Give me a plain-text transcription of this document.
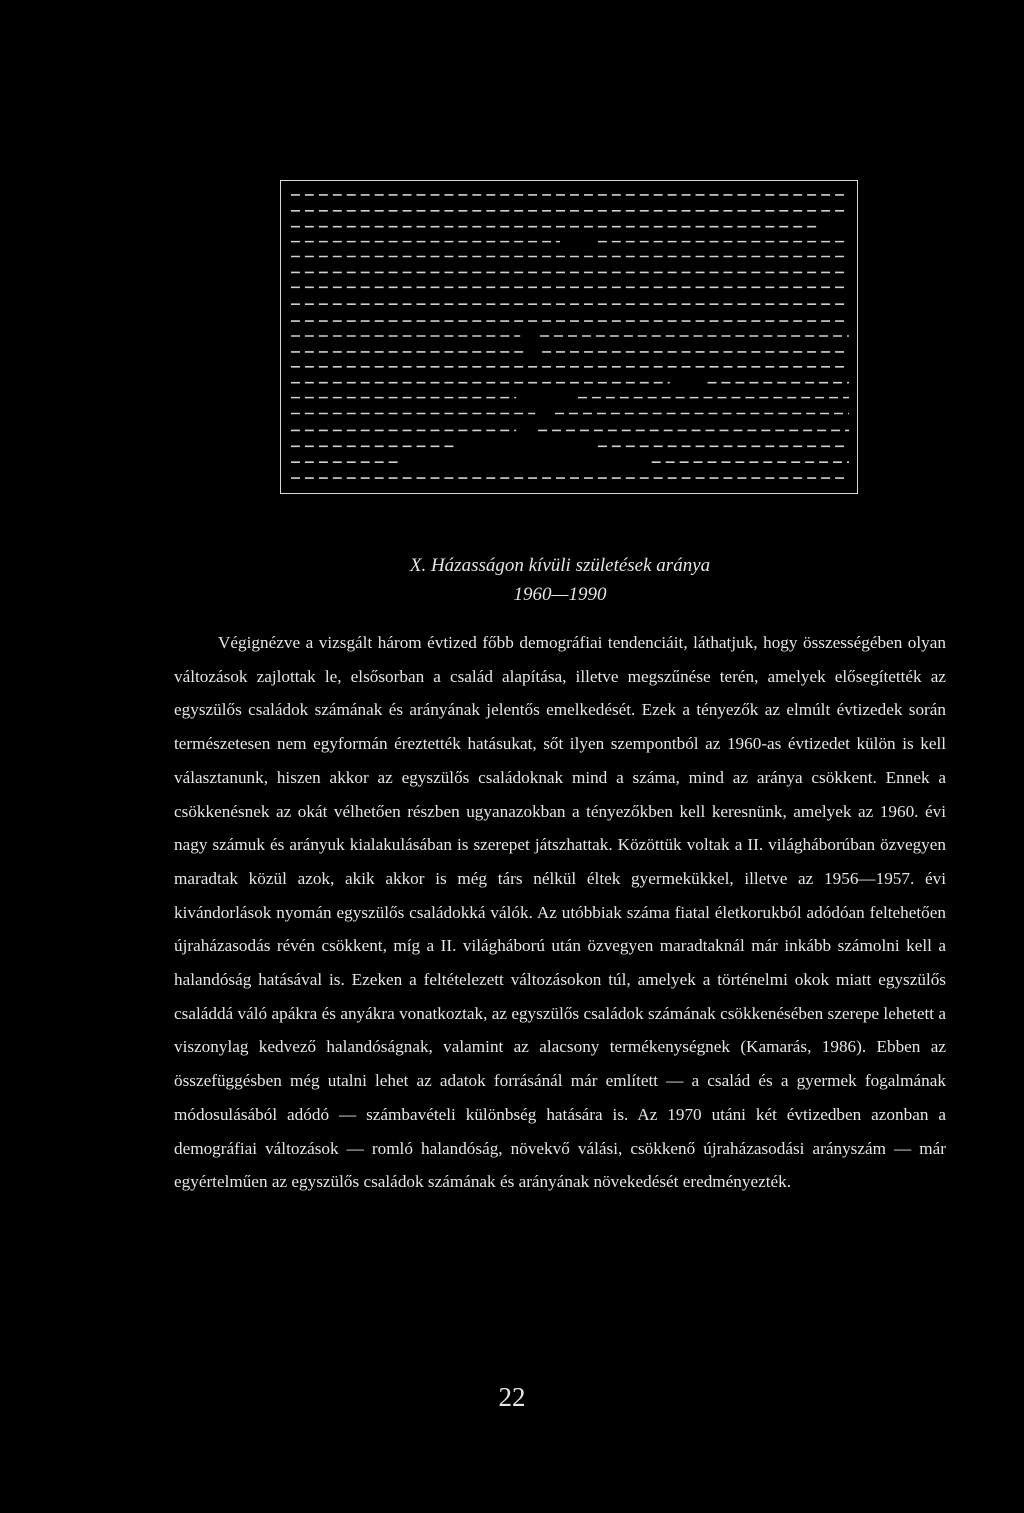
X. Házasságon kívüli születések aránya
1960—1990

Végignézve a vizsgált három évtized főbb demográfiai tendenciáit, láthatjuk, hogy összességében olyan változások zajlottak le, elsősorban a család alapítása, illetve megszűnése terén, amelyek elősegítették az egyszülős családok számának és arányának jelentős emelkedését. Ezek a tényezők az elmúlt évtizedek során természetesen nem egyformán éreztették hatásukat, sőt ilyen szempontból az 1960-as évtizedet külön is kell választanunk, hiszen akkor az egyszülős családoknak mind a száma, mind az aránya csökkent. Ennek a csökkenésnek az okát vélhetően részben ugyanazokban a tényezőkben kell keresnünk, amelyek az 1960. évi nagy számuk és arányuk kialakulásában is szerepet játszhattak. Közöttük voltak a II. világháborúban özvegyen maradtak közül azok, akik akkor is még társ nélkül éltek gyermekükkel, illetve az 1956—1957. évi kivándorlások nyomán egyszülős családokká válók. Az utóbbiak száma fiatal életkorukból adódóan feltehetően újraházasodás révén csökkent, míg a II. világháború után özvegyen maradtaknál már inkább számolni kell a halandóság hatásával is. Ezeken a feltételezett változásokon túl, amelyek a történelmi okok miatt egyszülős családdá váló apákra és anyákra vonatkoztak, az egyszülős családok számának csökkenésében szerepe lehetett a viszonylag kedvező halandóságnak, valamint az alacsony termékenységnek (Kamarás, 1986). Ebben az összefüggésben még utalni lehet az adatok forrásánál már említett — a család és a gyermek fogalmának módosulásából adódó — számbavételi különbség hatására is. Az 1970 utáni két évtizedben azonban a demográfiai változások — romló halandóság, növekvő válási, csökkenő újraházasodási arányszám — már egyértelműen az egyszülős családok számának és arányának növekedését eredményezték.

22
